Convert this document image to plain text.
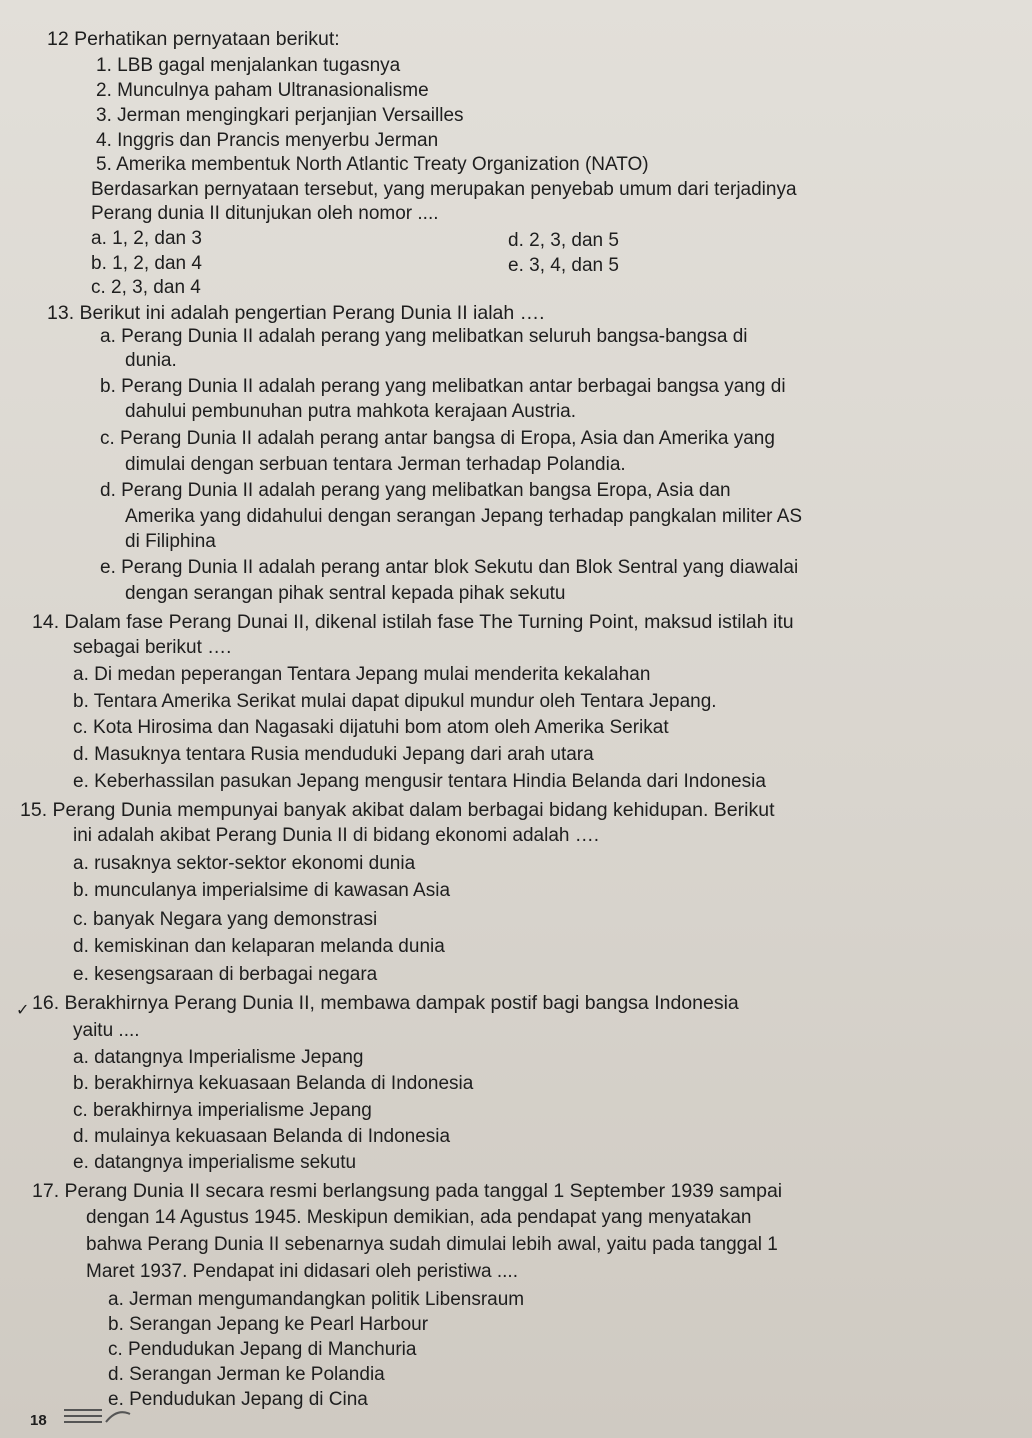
12 Perhatikan pernyataan berikut:
1. LBB gagal menjalankan tugasnya
2. Munculnya paham Ultranasionalisme
3. Jerman mengingkari perjanjian Versailles
4. Inggris dan Prancis menyerbu Jerman
5. Amerika membentuk North Atlantic Treaty Organization (NATO)
Berdasarkan pernyataan tersebut, yang merupakan penyebab umum dari terjadinya
Perang dunia II ditunjukan oleh nomor ....
a. 1, 2, dan 3
b. 1, 2, dan 4
c. 2, 3, dan 4
d. 2, 3, dan 5
e. 3, 4, dan 5
13. Berikut ini adalah pengertian Perang Dunia II ialah ….
a. Perang Dunia II adalah perang yang melibatkan seluruh bangsa-bangsa di
dunia.
b. Perang Dunia II adalah perang yang melibatkan antar berbagai bangsa yang di
dahului pembunuhan putra mahkota kerajaan Austria.
c. Perang Dunia II adalah perang antar bangsa di Eropa, Asia dan Amerika yang
dimulai dengan serbuan tentara Jerman terhadap Polandia.
d. Perang Dunia II adalah perang yang melibatkan bangsa Eropa, Asia dan
Amerika yang didahului dengan serangan Jepang terhadap pangkalan militer AS
di Filiphina
e. Perang Dunia II adalah perang antar blok Sekutu dan Blok Sentral yang diawalai
dengan serangan pihak sentral kepada pihak sekutu
14. Dalam fase Perang Dunai II, dikenal istilah fase The Turning Point, maksud istilah itu
sebagai berikut ….
a. Di medan peperangan Tentara Jepang mulai menderita kekalahan
b. Tentara Amerika Serikat mulai dapat dipukul mundur oleh Tentara Jepang.
c. Kota Hirosima dan Nagasaki dijatuhi bom atom oleh Amerika Serikat
d. Masuknya tentara Rusia menduduki Jepang dari arah utara
e. Keberhassilan pasukan Jepang mengusir tentara Hindia Belanda dari Indonesia
15. Perang Dunia mempunyai banyak akibat dalam berbagai bidang kehidupan. Berikut
ini adalah akibat Perang Dunia II di bidang ekonomi adalah ….
a. rusaknya sektor-sektor ekonomi dunia
b. munculanya imperialsime di kawasan Asia
c. banyak Negara yang demonstrasi
d. kemiskinan dan kelaparan melanda dunia
e. kesengsaraan di berbagai negara
✓ 16. Berakhirnya Perang Dunia II, membawa dampak postif bagi bangsa Indonesia
yaitu ....
a. datangnya Imperialisme Jepang
b. berakhirnya kekuasaan Belanda di Indonesia
c. berakhirnya imperialisme Jepang
d. mulainya kekuasaan Belanda di Indonesia
e. datangnya imperialisme sekutu
17. Perang Dunia II secara resmi berlangsung pada tanggal 1 September 1939 sampai
dengan 14 Agustus 1945. Meskipun demikian, ada pendapat yang menyatakan
bahwa Perang Dunia II sebenarnya sudah dimulai lebih awal, yaitu pada tanggal 1
Maret 1937. Pendapat ini didasari oleh peristiwa ....
a. Jerman mengumandangkan politik Libensraum
b. Serangan Jepang ke Pearl Harbour
c. Pendudukan Jepang di Manchuria
d. Serangan Jerman ke Polandia
e. Pendudukan Jepang di Cina
18
